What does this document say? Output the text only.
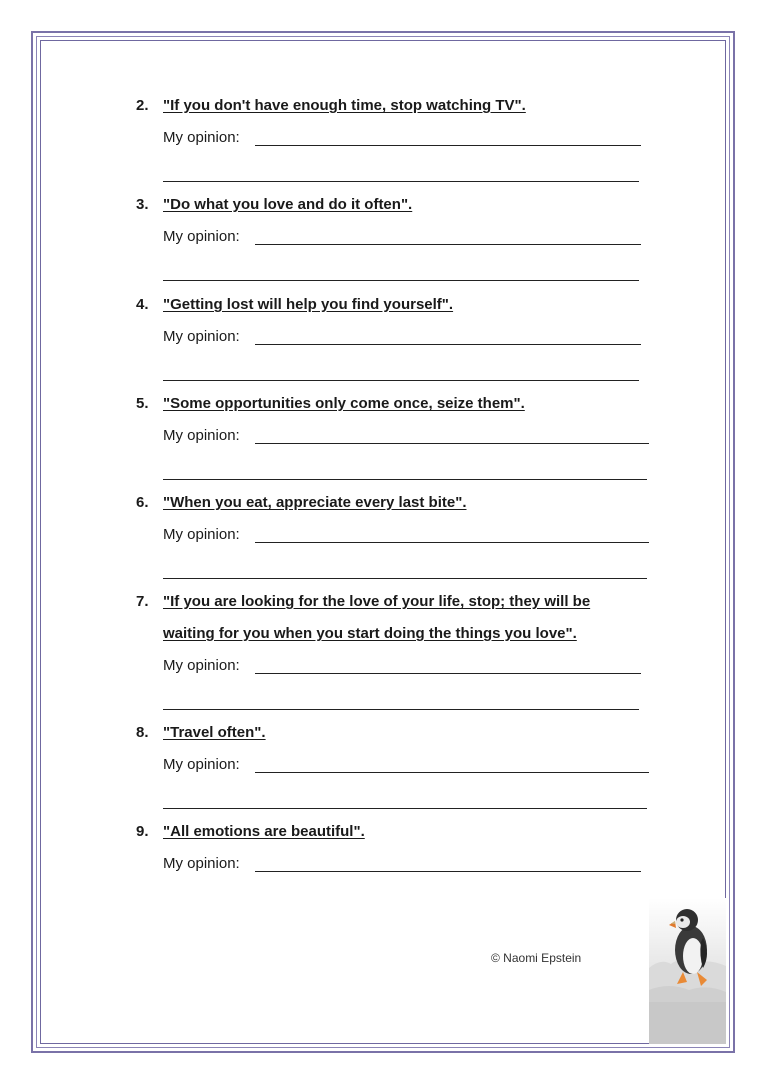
2. "If you don't have enough time, stop watching TV".
My opinion:
3. "Do what you love and do it often".
My opinion:
4. "Getting lost will help you find yourself".
My opinion:
5. "Some opportunities only come once, seize them".
My opinion:
6. "When you eat, appreciate every last bite".
My opinion:
7. "If you are looking for the love of your life, stop; they will be
waiting for you when you start doing the things you love".
My opinion:
8. "Travel often".
My opinion:
9. "All emotions are beautiful".
My opinion:
© Naomi Epstein
